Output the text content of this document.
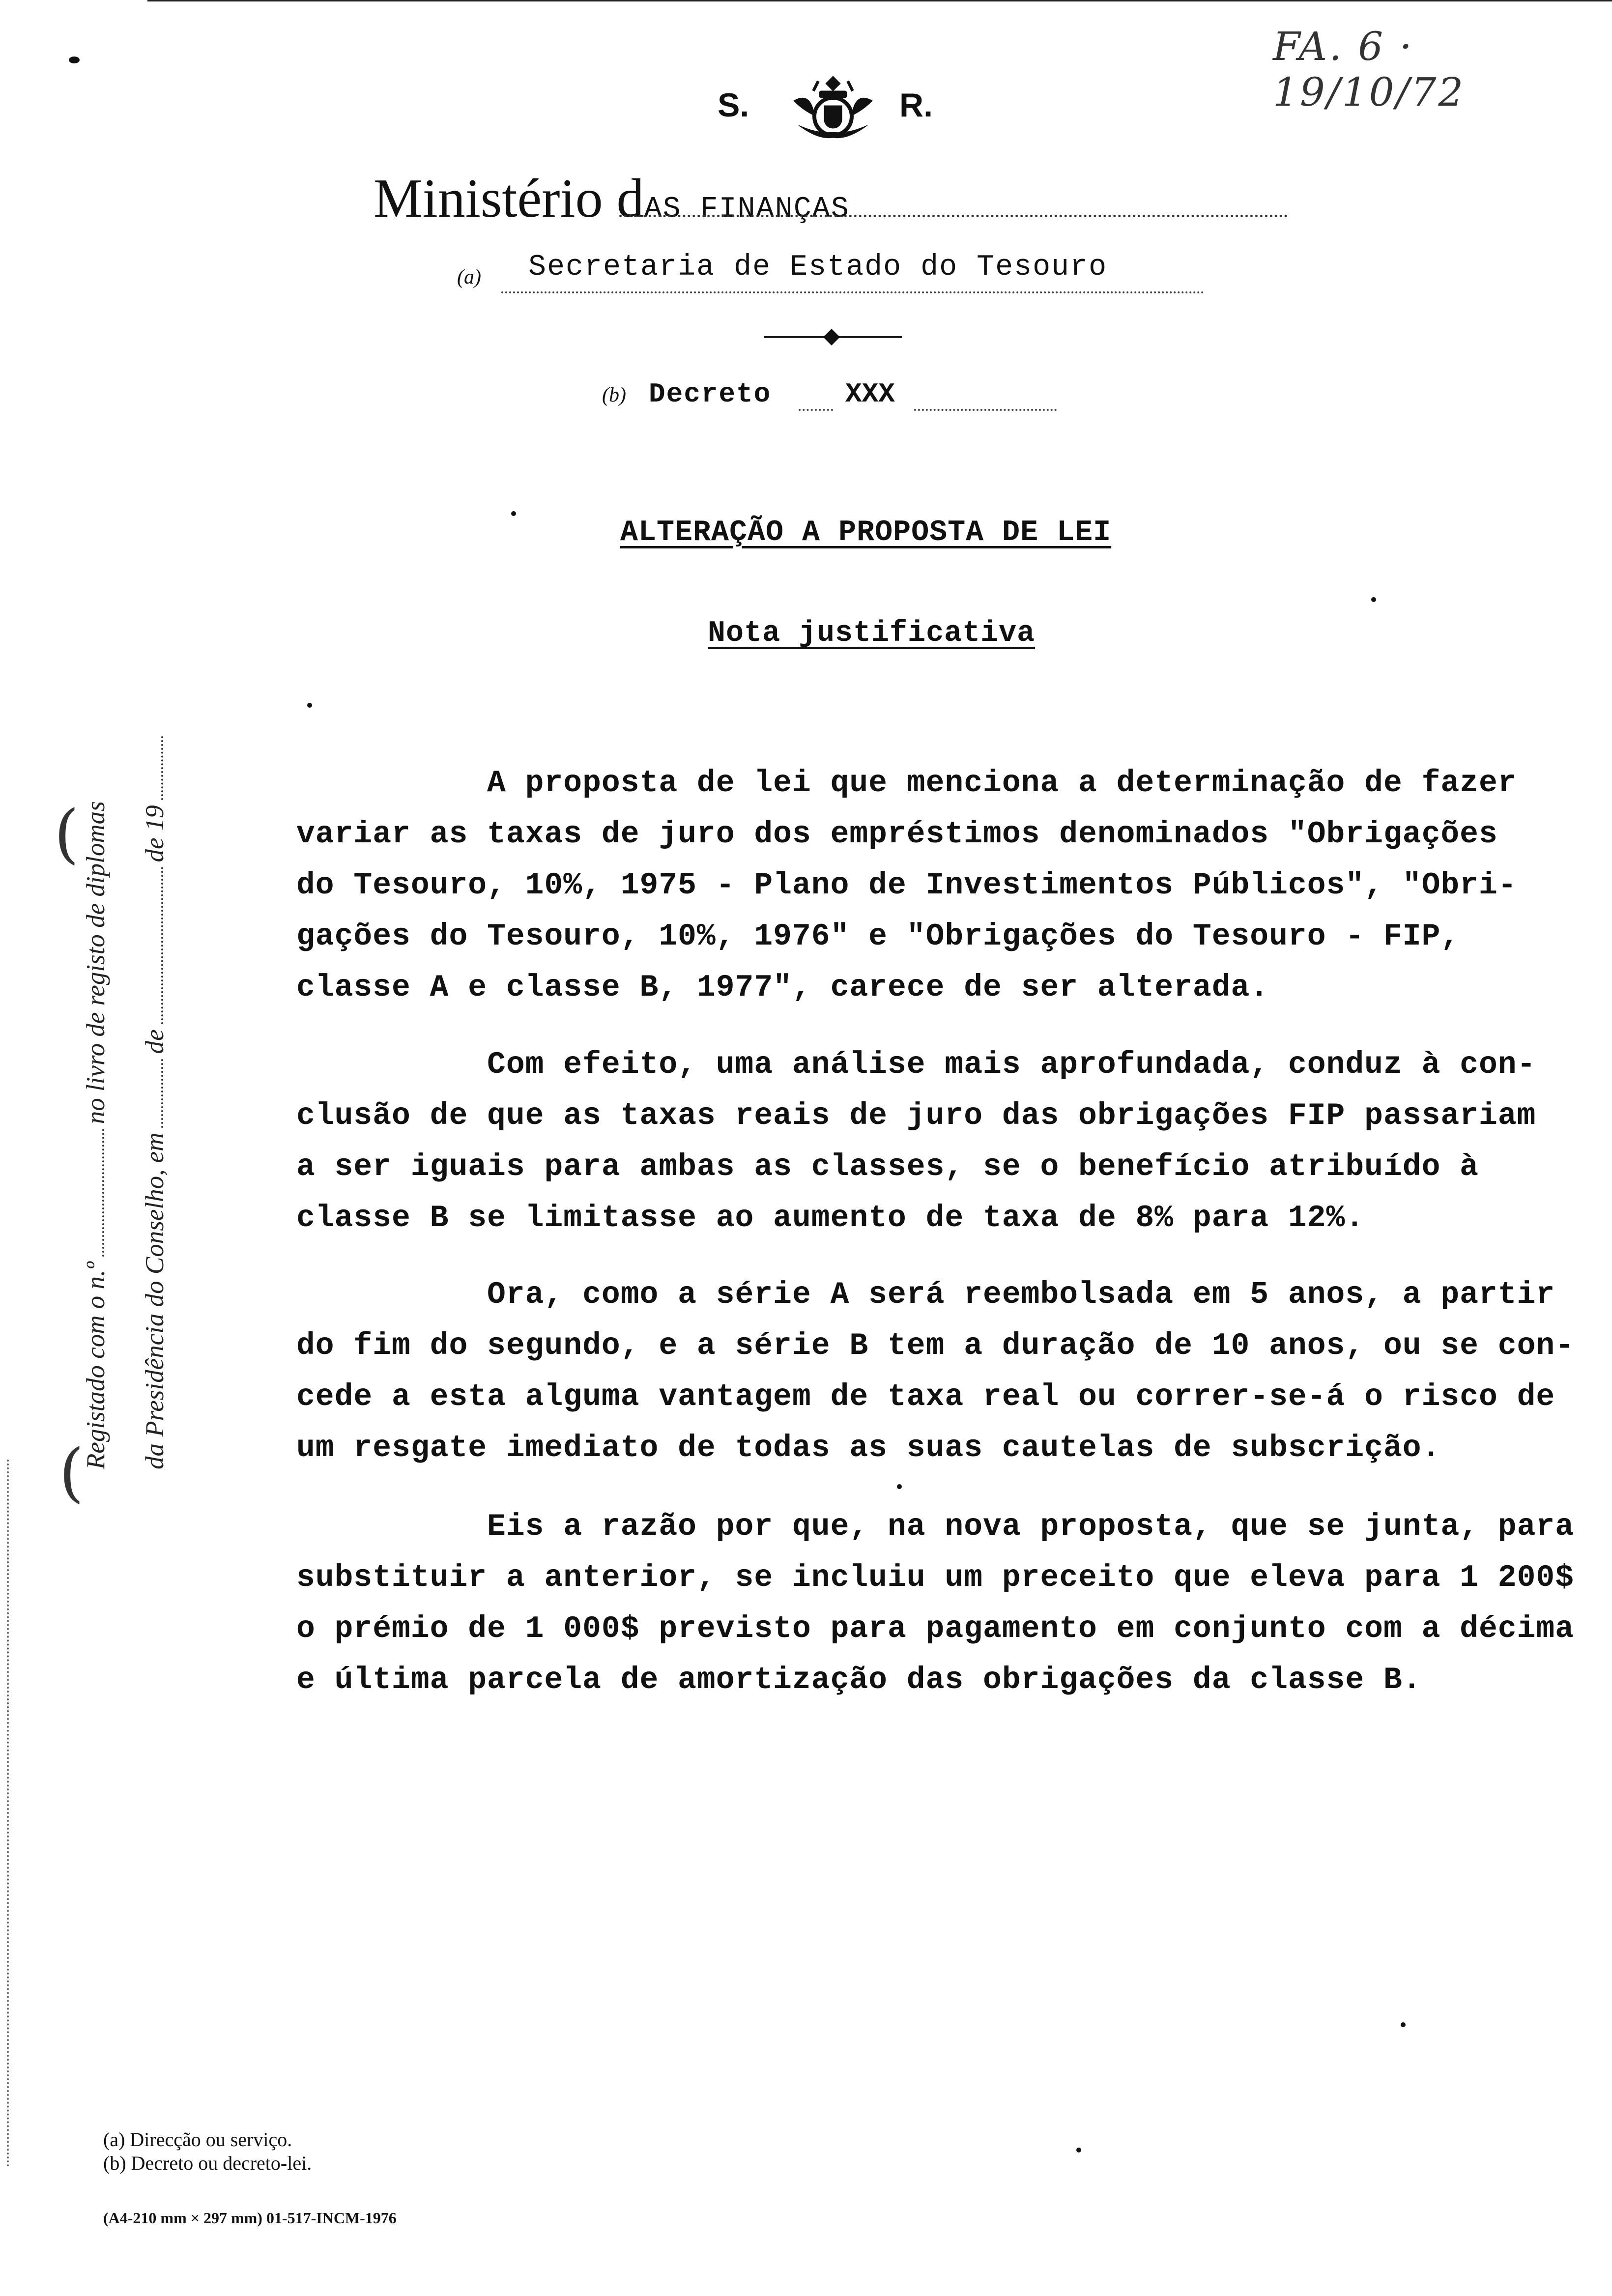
FA. 6 · 19/10/72
S.	R.
Ministério dAS FINANÇAS
(a) Secretaria de Estado do Tesouro
(b) Decreto	XXX
ALTERAÇÃO A PROPOSTA DE LEI
Nota justificativa
A proposta de lei que menciona a determinação de fazer
variar as taxas de juro dos empréstimos denominados "Obrigações
do Tesouro, 10%, 1975 - Plano de Investimentos Públicos", "Obri-
gações do Tesouro, 10%, 1976" e "Obrigações do Tesouro - FIP,
classe A e classe B, 1977", carece de ser alterada.
Com efeito, uma análise mais aprofundada, conduz à con-
clusão de que as taxas reais de juro das obrigações FIP passariam
a ser iguais para ambas as classes, se o benefício atribuído à
classe B se limitasse ao aumento de taxa de 8% para 12%.
Ora, como a série A será reembolsada em 5 anos, a partir
do fim do segundo, e a série B tem a duração de 10 anos, ou se con-
cede a esta alguma vantagem de taxa real ou correr-se-á o risco de
um resgate imediato de todas as suas cautelas de subscrição.
Eis a razão por que, na nova proposta, que se junta, para
substituir a anterior, se incluiu um preceito que eleva para 1 200$
o prémio de 1 000$ previsto para pagamento em conjunto com a décima
e última parcela de amortização das obrigações da classe B.
Registado com o n.ºno livro de registo de diplomas
da Presidência do Conselho, emdede 19
(
(
(a) Direcção ou serviço.
(b) Decreto ou decreto-lei.
(A4-210 mm × 297 mm) 01-517-INCM-1976
